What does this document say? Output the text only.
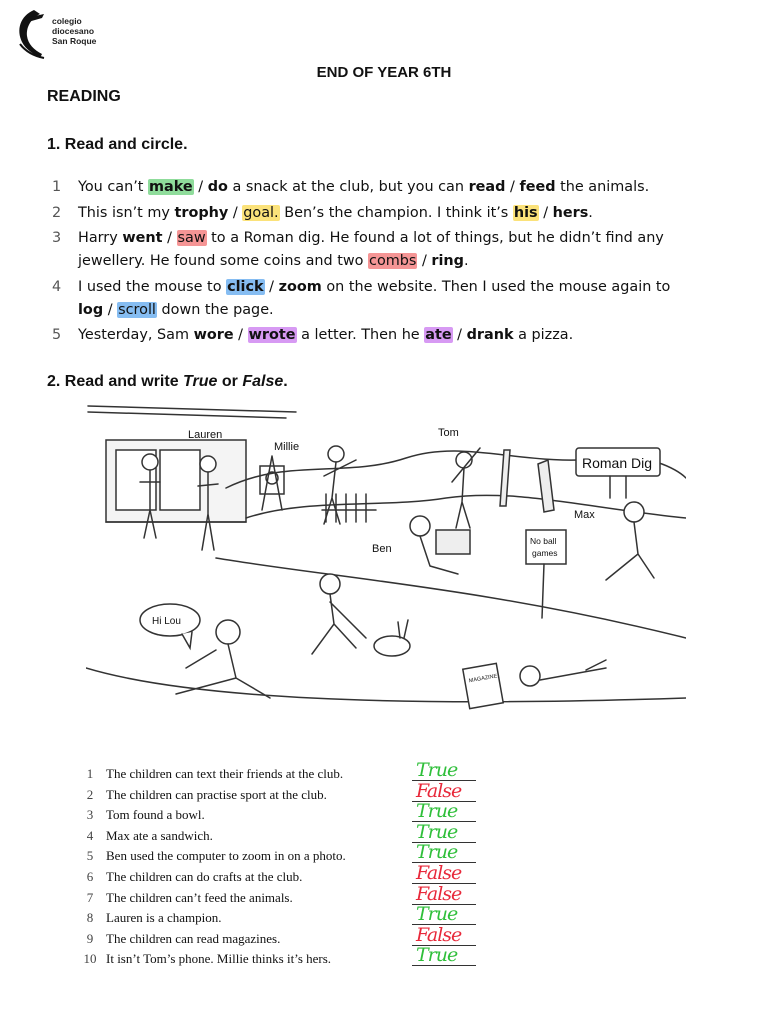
colegio
diocesano
San Roque
END OF YEAR 6TH
READING
1. Read and circle.
1 You can’t make / do a snack at the club, but you can read / feed the animals.
2 This isn’t my trophy / goal. Ben’s the champion. I think it’s his / hers.
3 Harry went / saw to a Roman dig. He found a lot of things, but he didn’t find any
jewellery. He found some coins and two combs / ring.
4 I used the mouse to click / zoom on the website. Then I used the mouse again to
log / scroll down the page.
5 Yesterday, Sam wore / wrote a letter. Then he ate / drank a pizza.
2. Read and write True or False.
Lauren
Millie
Tom
Max
Ben
Roman Dig
No ball
games
Hi Lou
MAGAZINE
1 The children can text their friends at the club.	True
2 The children can practise sport at the club.	False
3 Tom found a bowl.	True
4 Max ate a sandwich.	True
5 Ben used the computer to zoom in on a photo.	True
6 The children can do crafts at the club.	False
7 The children can’t feed the animals.	False
8 Lauren is a champion.	True
9 The children can read magazines.	False
10 It isn’t Tom’s phone. Millie thinks it’s hers.	True
